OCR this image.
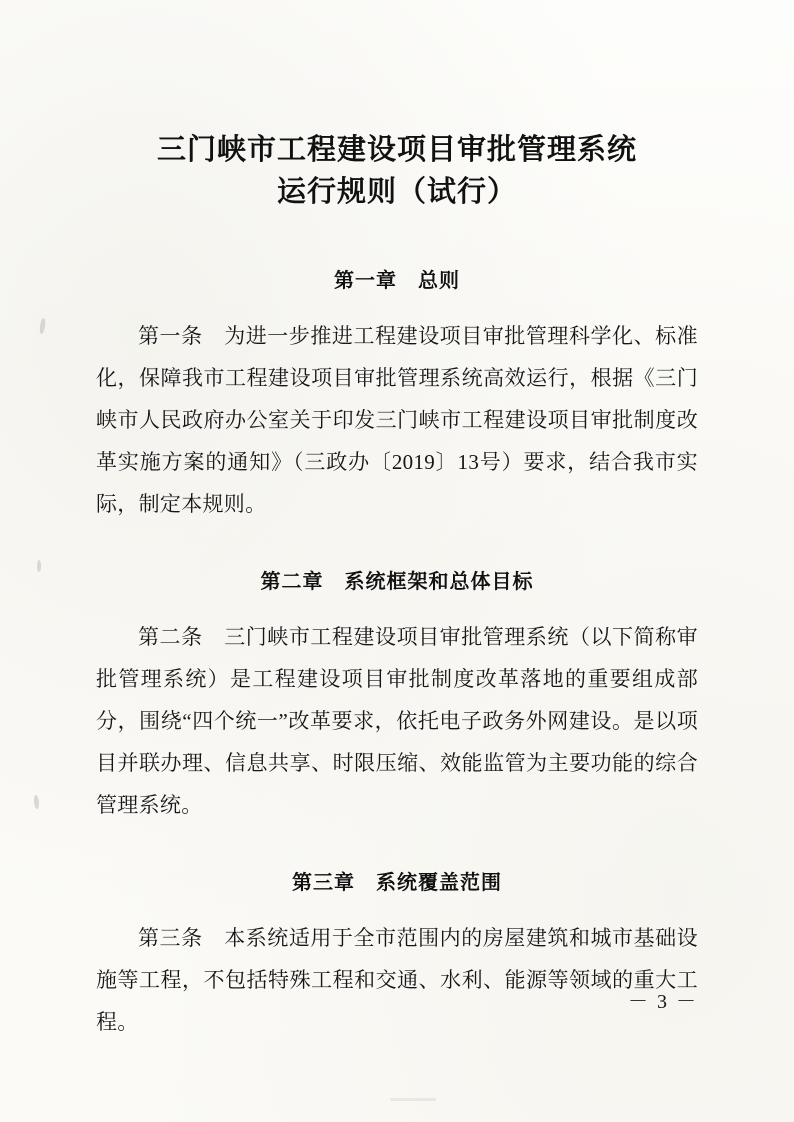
三门峡市工程建设项目审批管理系统
运行规则（试行）
第一章　总则

第一条　为进一步推进工程建设项目审批管理科学化、标准化，保障我市工程建设项目审批管理系统高效运行，根据《三门峡市人民政府办公室关于印发三门峡市工程建设项目审批制度改革实施方案的通知》（三政办〔2019〕13号）要求，结合我市实际，制定本规则。

第二章　系统框架和总体目标

第二条　三门峡市工程建设项目审批管理系统（以下简称审批管理系统）是工程建设项目审批制度改革落地的重要组成部分，围绕“四个统一”改革要求，依托电子政务外网建设。是以项目并联办理、信息共享、时限压缩、效能监管为主要功能的综合管理系统。

第三章　系统覆盖范围

第三条　本系统适用于全市范围内的房屋建筑和城市基础设施等工程，不包括特殊工程和交通、水利、能源等领域的重大工程。

－ 3 －
